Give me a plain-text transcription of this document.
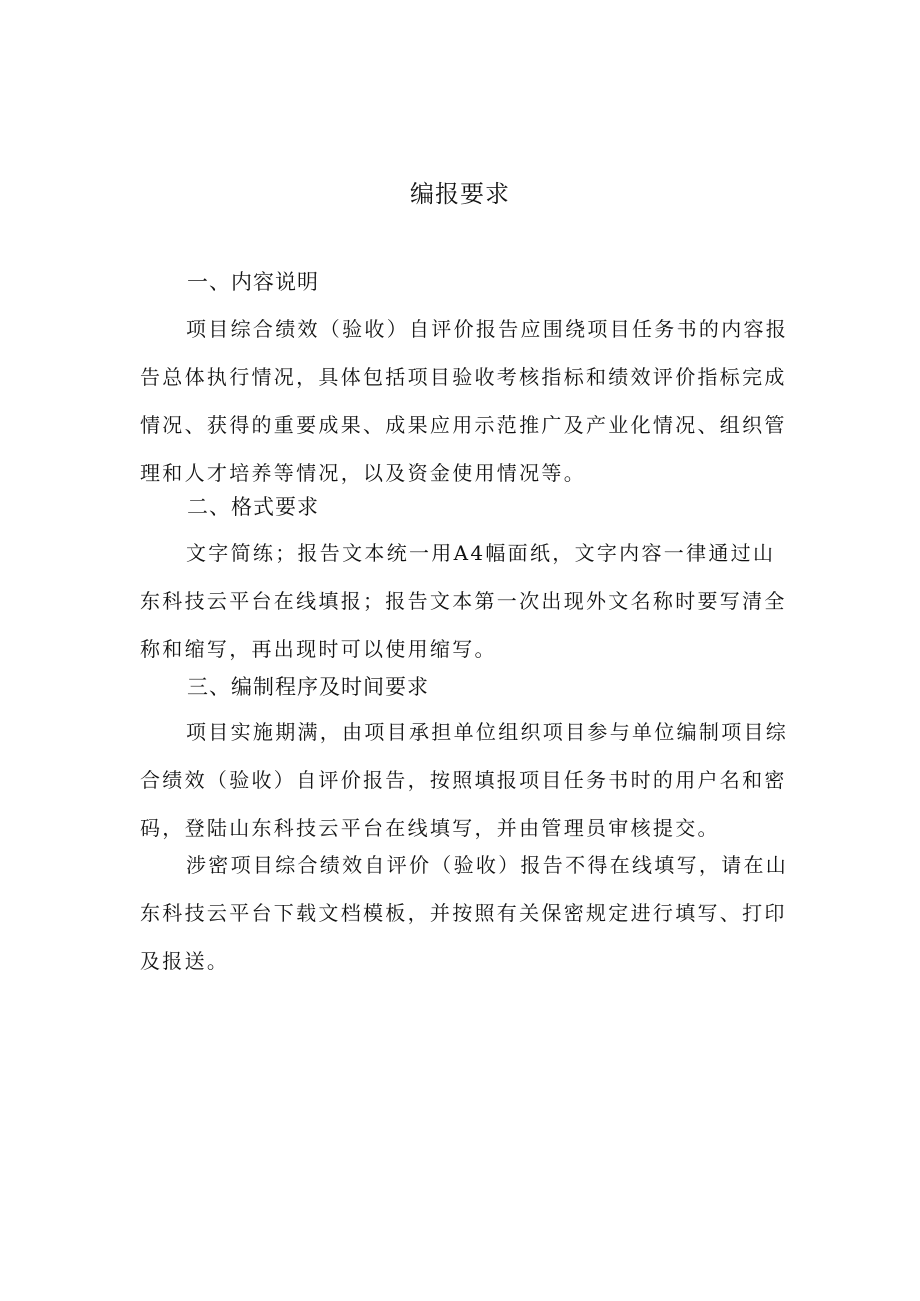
编报要求
一、内容说明

项目综合绩效（验收）自评价报告应围绕项目任务书的内容报告总体执行情况，具体包括项目验收考核指标和绩效评价指标完成情况、获得的重要成果、成果应用示范推广及产业化情况、组织管理和人才培养等情况，以及资金使用情况等。

二、格式要求

文字简练；报告文本统一用A4幅面纸，文字内容一律通过山东科技云平台在线填报；报告文本第一次出现外文名称时要写清全称和缩写，再出现时可以使用缩写。

三、编制程序及时间要求

项目实施期满，由项目承担单位组织项目参与单位编制项目综合绩效（验收）自评价报告，按照填报项目任务书时的用户名和密码，登陆山东科技云平台在线填写，并由管理员审核提交。

涉密项目综合绩效自评价（验收）报告不得在线填写，请在山东科技云平台下载文档模板，并按照有关保密规定进行填写、打印及报送。
